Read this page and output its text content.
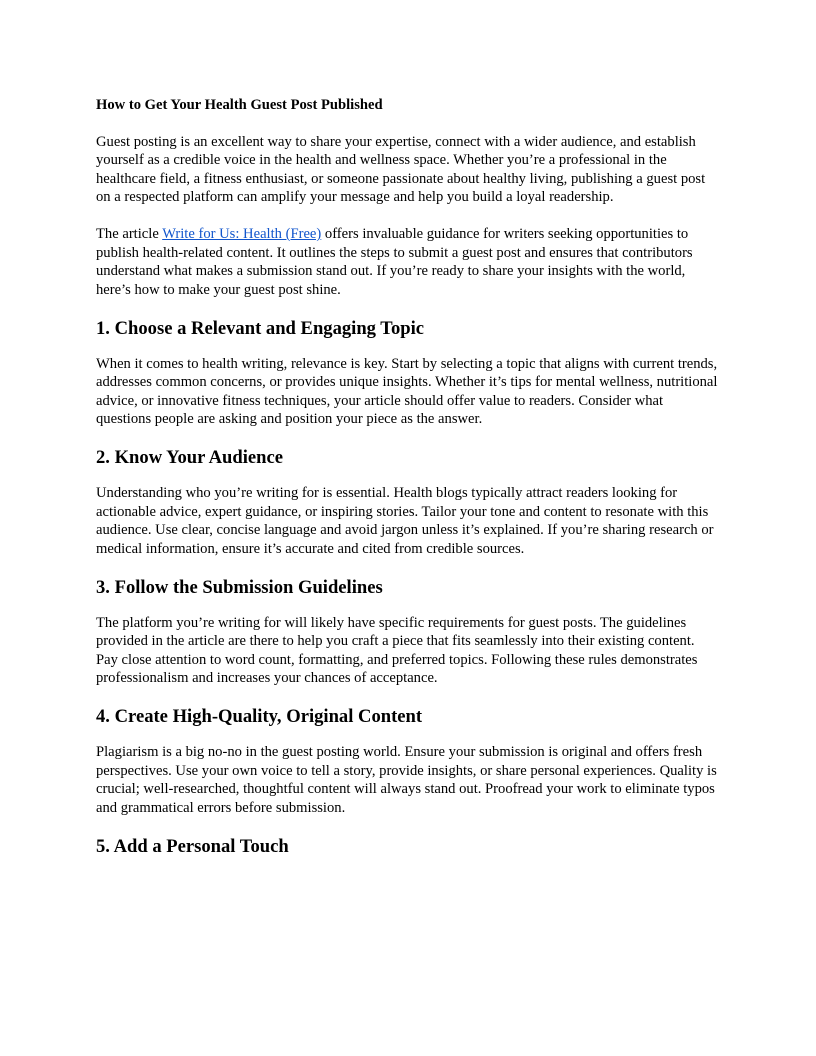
How to Get Your Health Guest Post Published

Guest posting is an excellent way to share your expertise, connect with a wider audience, and establish yourself as a credible voice in the health and wellness space. Whether you’re a professional in the healthcare field, a fitness enthusiast, or someone passionate about healthy living, publishing a guest post on a respected platform can amplify your message and help you build a loyal readership.

The article Write for Us: Health (Free) offers invaluable guidance for writers seeking opportunities to publish health-related content. It outlines the steps to submit a guest post and ensures that contributors understand what makes a submission stand out. If you’re ready to share your insights with the world, here’s how to make your guest post shine.

1. Choose a Relevant and Engaging Topic

When it comes to health writing, relevance is key. Start by selecting a topic that aligns with current trends, addresses common concerns, or provides unique insights. Whether it’s tips for mental wellness, nutritional advice, or innovative fitness techniques, your article should offer value to readers. Consider what questions people are asking and position your piece as the answer.

2. Know Your Audience

Understanding who you’re writing for is essential. Health blogs typically attract readers looking for actionable advice, expert guidance, or inspiring stories. Tailor your tone and content to resonate with this audience. Use clear, concise language and avoid jargon unless it’s explained. If you’re sharing research or medical information, ensure it’s accurate and cited from credible sources.

3. Follow the Submission Guidelines

The platform you’re writing for will likely have specific requirements for guest posts. The guidelines provided in the article are there to help you craft a piece that fits seamlessly into their existing content. Pay close attention to word count, formatting, and preferred topics. Following these rules demonstrates professionalism and increases your chances of acceptance.

4. Create High-Quality, Original Content

Plagiarism is a big no-no in the guest posting world. Ensure your submission is original and offers fresh perspectives. Use your own voice to tell a story, provide insights, or share personal experiences. Quality is crucial; well-researched, thoughtful content will always stand out. Proofread your work to eliminate typos and grammatical errors before submission.

5. Add a Personal Touch
